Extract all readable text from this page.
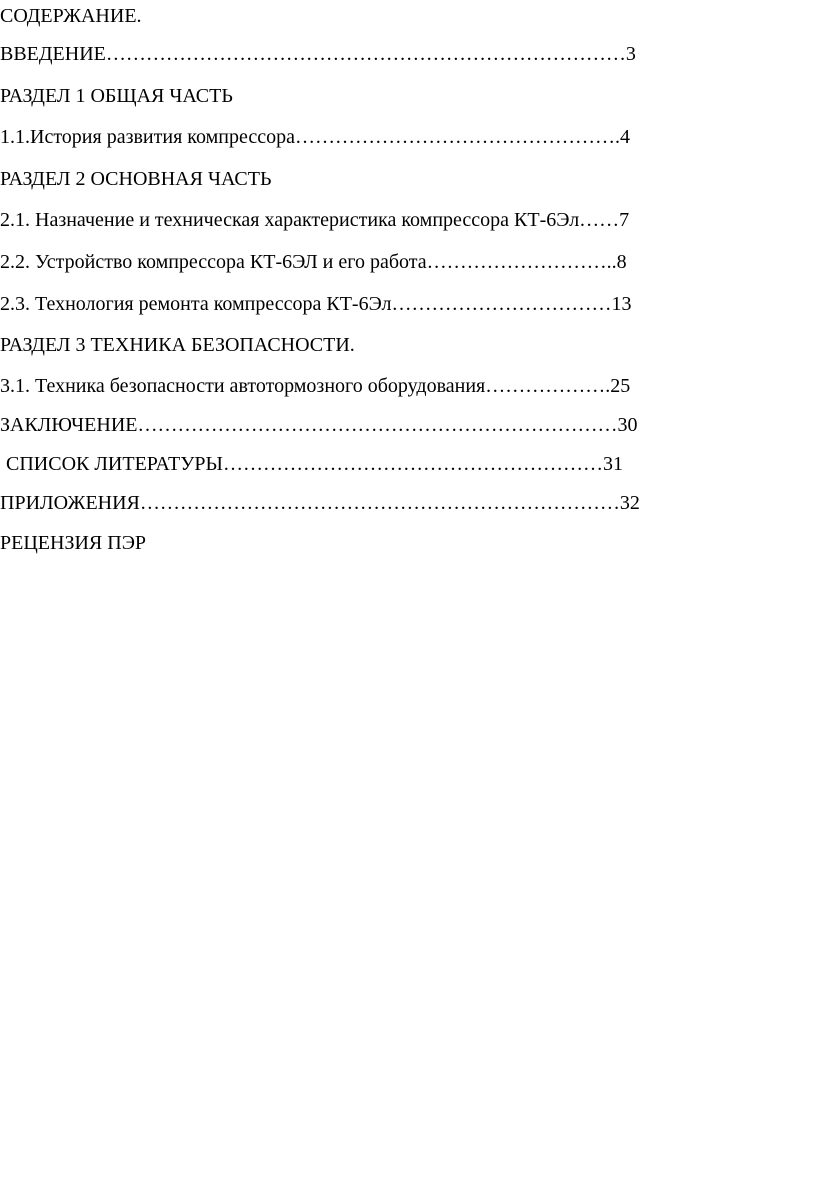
СОДЕРЖАНИЕ.
ВВЕДЕНИЕ……………………………………………………………………3
РАЗДЕЛ 1 ОБЩАЯ ЧАСТЬ
1.1.История развития компрессора………………………………………….4
РАЗДЕЛ 2 ОСНОВНАЯ ЧАСТЬ
2.1. Назначение и техническая характеристика компрессора КТ-6Эл……7
2.2. Устройство компрессора КТ-6ЭЛ и его работа………………………..8
2.3. Технология ремонта компрессора КТ-6Эл……………………………13
РАЗДЕЛ 3 ТЕХНИКА БЕЗОПАСНОСТИ.
3.1. Техника безопасности автотормозного оборудования……………….25
ЗАКЛЮЧЕНИЕ………………………………………………………………30
СПИСОК ЛИТЕРАТУРЫ…………………………………………………31
ПРИЛОЖЕНИЯ………………………………………………………………32
РЕЦЕНЗИЯ ПЭР
